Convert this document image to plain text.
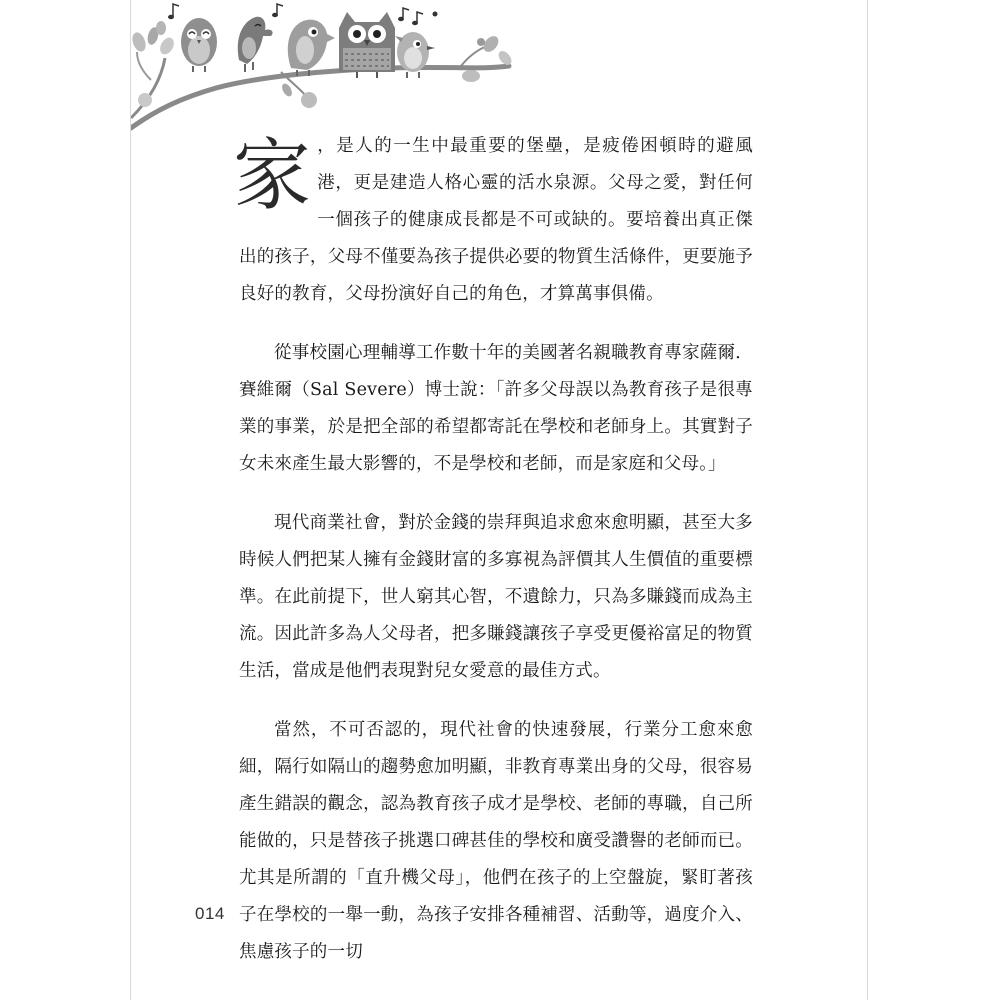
家 ，是人的一生中最重要的堡壘，是疲倦困頓時的避風港，更是建造人格心靈的活水泉源。父母之愛，對任何一個孩子的健康成長都是不可或缺的。要培養出真正傑出的孩子，父母不僅要為孩子提供必要的物質生活條件，更要施予良好的教育，父母扮演好自己的角色，才算萬事俱備。

從事校園心理輔導工作數十年的美國著名親職教育專家薩爾．賽維爾（Sal Severe）博士說：「許多父母誤以為教育孩子是很專業的事業，於是把全部的希望都寄託在學校和老師身上。其實對子女未來產生最大影響的，不是學校和老師，而是家庭和父母。」

現代商業社會，對於金錢的崇拜與追求愈來愈明顯，甚至大多時候人們把某人擁有金錢財富的多寡視為評價其人生價值的重要標準。在此前提下，世人窮其心智，不遺餘力，只為多賺錢而成為主流。因此許多為人父母者，把多賺錢讓孩子享受更優裕富足的物質生活，當成是他們表現對兒女愛意的最佳方式。

當然，不可否認的，現代社會的快速發展，行業分工愈來愈細，隔行如隔山的趨勢愈加明顯，非教育專業出身的父母，很容易產生錯誤的觀念，認為教育孩子成才是學校、老師的專職，自己所能做的，只是替孩子挑選口碑甚佳的學校和廣受讚譽的老師而已。尤其是所謂的「直升機父母」，他們在孩子的上空盤旋，緊盯著孩子在學校的一舉一動，為孩子安排各種補習、活動等，過度介入、焦慮孩子的一切

014
